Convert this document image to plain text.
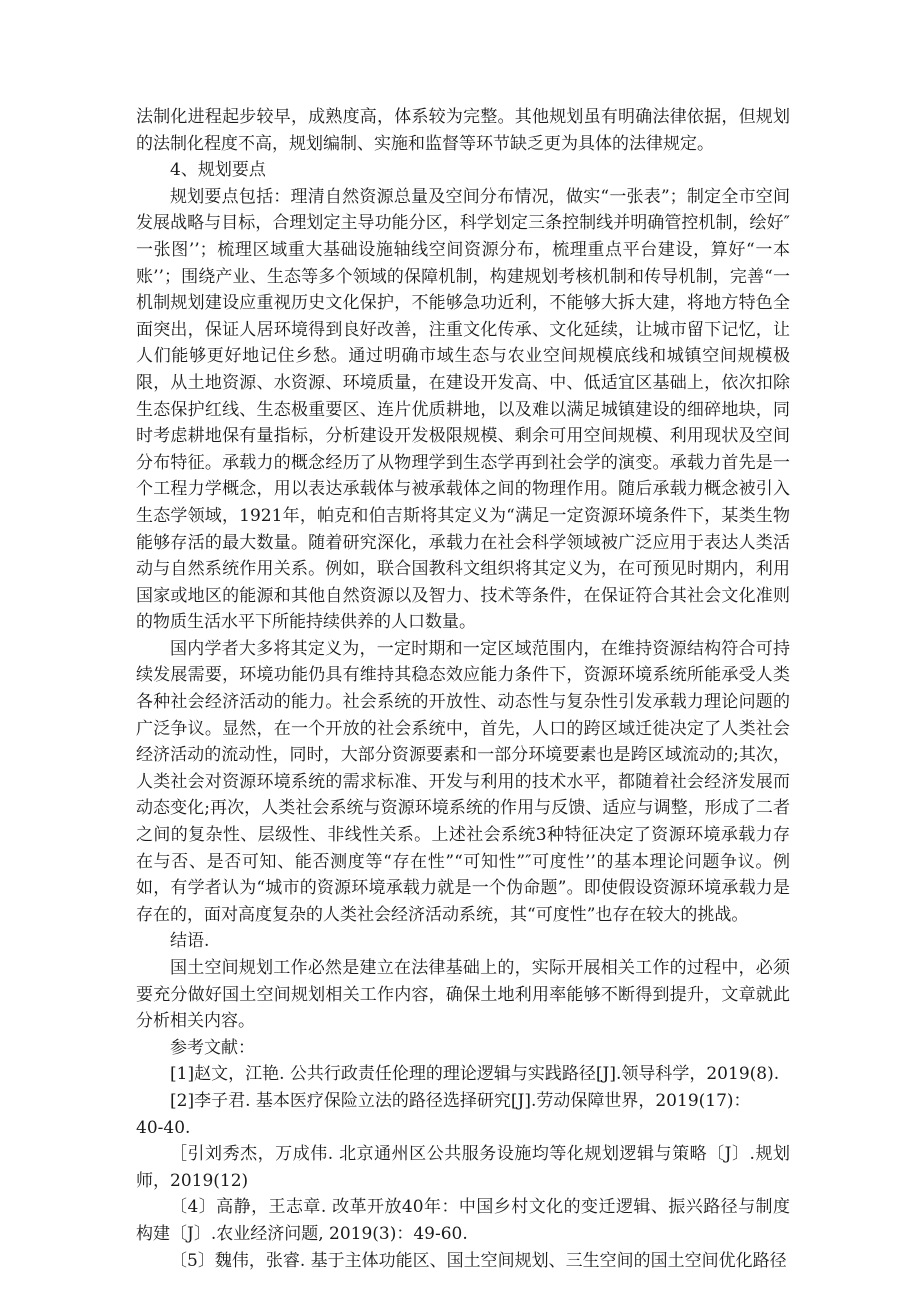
法制化进程起步较早，成熟度高，体系较为完整。其他规划虽有明确法律依据，但规划的法制化程度不高，规划编制、实施和监督等环节缺乏更为具体的法律规定。

4、规划要点

规划要点包括：理清自然资源总量及空间分布情况，做实“一张表”；制定全市空间发展战略与目标，合理划定主导功能分区，科学划定三条控制线并明确管控机制，绘好″一张图’’；梳理区域重大基础设施轴线空间资源分布，梳理重点平台建设，算好“一本账’’；围绕产业、生态等多个领域的保障机制，构建规划考核机制和传导机制，完善“一机制规划建设应重视历史文化保护，不能够急功近利，不能够大拆大建，将地方特色全面突出，保证人居环境得到良好改善，注重文化传承、文化延续，让城市留下记忆，让人们能够更好地记住乡愁。通过明确市域生态与农业空间规模底线和城镇空间规模极限，从土地资源、水资源、环境质量，在建设开发高、中、低适宜区基础上，依次扣除生态保护红线、生态极重要区、连片优质耕地，以及难以满足城镇建设的细碎地块，同时考虑耕地保有量指标，分析建设开发极限规模、剩余可用空间规模、利用现状及空间分布特征。承载力的概念经历了从物理学到生态学再到社会学的演变。承载力首先是一个工程力学概念，用以表达承载体与被承载体之间的物理作用。随后承载力概念被引入生态学领域，1921年，帕克和伯吉斯将其定义为“满足一定资源环境条件下，某类生物能够存活的最大数量。随着研究深化，承载力在社会科学领域被广泛应用于表达人类活动与自然系统作用关系。例如，联合国教科文组织将其定义为，在可预见时期内，利用国家或地区的能源和其他自然资源以及智力、技术等条件，在保证符合其社会文化准则的物质生活水平下所能持续供养的人口数量。

国内学者大多将其定义为，一定时期和一定区域范围内，在维持资源结构符合可持续发展需要，环境功能仍具有维持其稳态效应能力条件下，资源环境系统所能承受人类各种社会经济活动的能力。社会系统的开放性、动态性与复杂性引发承载力理论问题的广泛争议。显然，在一个开放的社会系统中，首先，人口的跨区域迁徙决定了人类社会经济活动的流动性，同时，大部分资源要素和一部分环境要素也是跨区域流动的;其次，人类社会对资源环境系统的需求标准、开发与利用的技术水平，都随着社会经济发展而动态变化;再次，人类社会系统与资源环境系统的作用与反馈、适应与调整，形成了二者之间的复杂性、层级性、非线性关系。上述社会系统3种特征决定了资源环境承载力存在与否、是否可知、能否测度等“存在性”“可知性”″可度性’’的基本理论问题争议。例如，有学者认为“城市的资源环境承载力就是一个伪命题”。即使假设资源环境承载力是存在的，面对高度复杂的人类社会经济活动系统，其“可度性”也存在较大的挑战。

结语.

国土空间规划工作必然是建立在法律基础上的，实际开展相关工作的过程中，必须要充分做好国土空间规划相关工作内容，确保土地利用率能够不断得到提升，文章就此分析相关内容。

参考文献：

[1]赵文，江艳. 公共行政责任伦理的理论逻辑与实践路径[J].领导科学，2019(8).

[2]李子君. 基本医疗保险立法的路径选择研究[J].劳动保障世界，2019(17)：

40-40.

［引刘秀杰，万成伟. 北京通州区公共服务设施均等化规划逻辑与策略〔J〕.规划师，2019(12)

〔4〕高静，王志章. 改革开放40年：中国乡村文化的变迁逻辑、振兴路径与制度构建〔J〕.农业经济问题, 2019(3)：49-60.

〔5〕魏伟，张睿. 基于主体功能区、国土空间规划、三生空间的国土空间优化路径
